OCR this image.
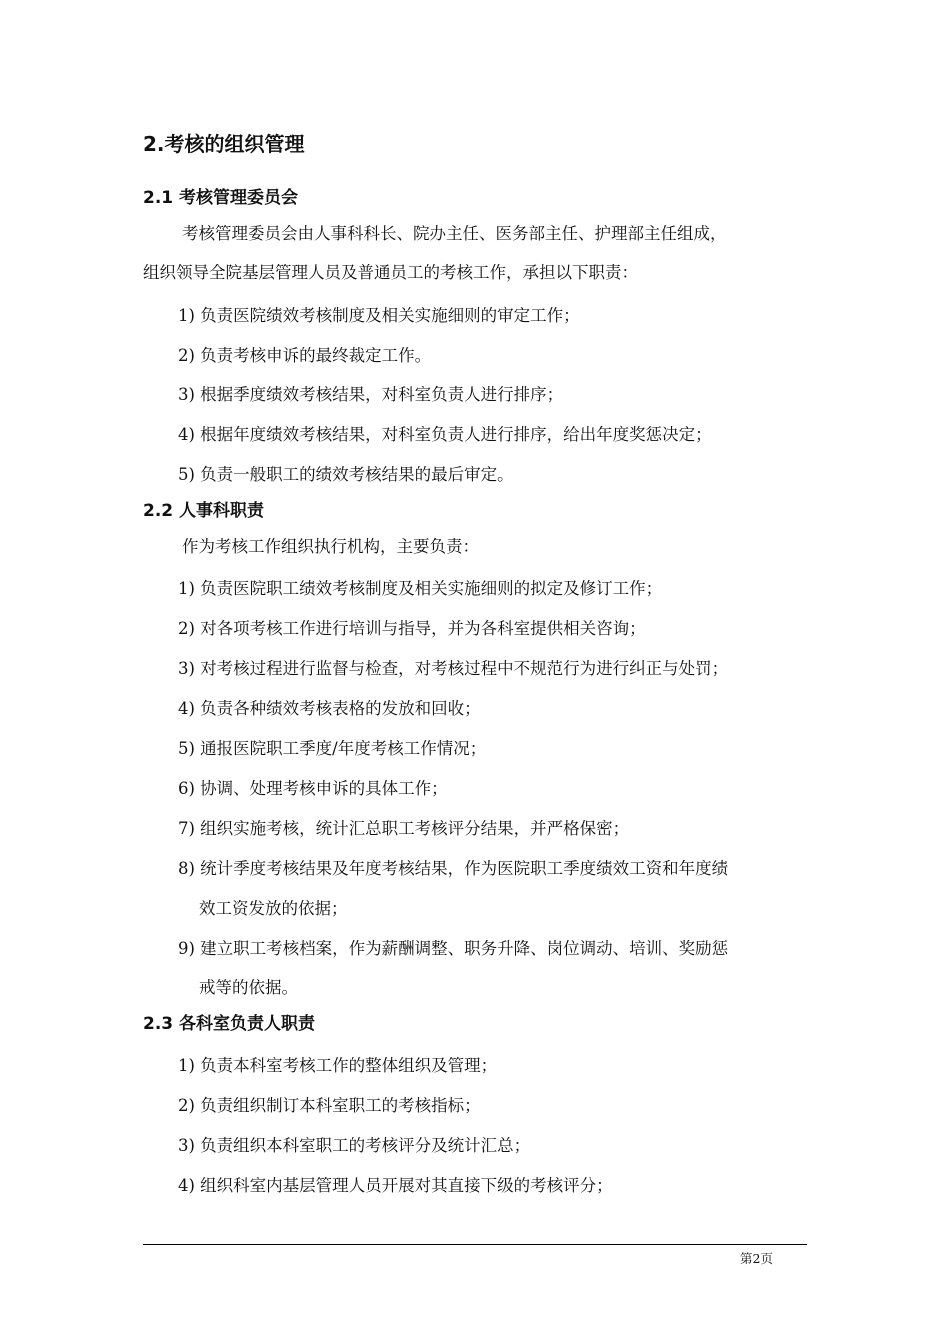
2.考核的组织管理
2.1 考核管理委员会
考核管理委员会由人事科科长、院办主任、医务部主任、护理部主任组成，
组织领导全院基层管理人员及普通员工的考核工作，承担以下职责：
1) 负责医院绩效考核制度及相关实施细则的审定工作；
2) 负责考核申诉的最终裁定工作。
3) 根据季度绩效考核结果，对科室负责人进行排序；
4) 根据年度绩效考核结果，对科室负责人进行排序，给出年度奖惩决定；
5) 负责一般职工的绩效考核结果的最后审定。
2.2 人事科职责
作为考核工作组织执行机构，主要负责：
1) 负责医院职工绩效考核制度及相关实施细则的拟定及修订工作；
2) 对各项考核工作进行培训与指导，并为各科室提供相关咨询；
3) 对考核过程进行监督与检查，对考核过程中不规范行为进行纠正与处罚；
4) 负责各种绩效考核表格的发放和回收；
5) 通报医院职工季度/年度考核工作情况；
6) 协调、处理考核申诉的具体工作；
7) 组织实施考核，统计汇总职工考核评分结果，并严格保密；
8) 统计季度考核结果及年度考核结果，作为医院职工季度绩效工资和年度绩
效工资发放的依据；
9) 建立职工考核档案，作为薪酬调整、职务升降、岗位调动、培训、奖励惩
戒等的依据。
2.3 各科室负责人职责
1) 负责本科室考核工作的整体组织及管理；
2) 负责组织制订本科室职工的考核指标；
3) 负责组织本科室职工的考核评分及统计汇总；
4) 组织科室内基层管理人员开展对其直接下级的考核评分；
第2页
